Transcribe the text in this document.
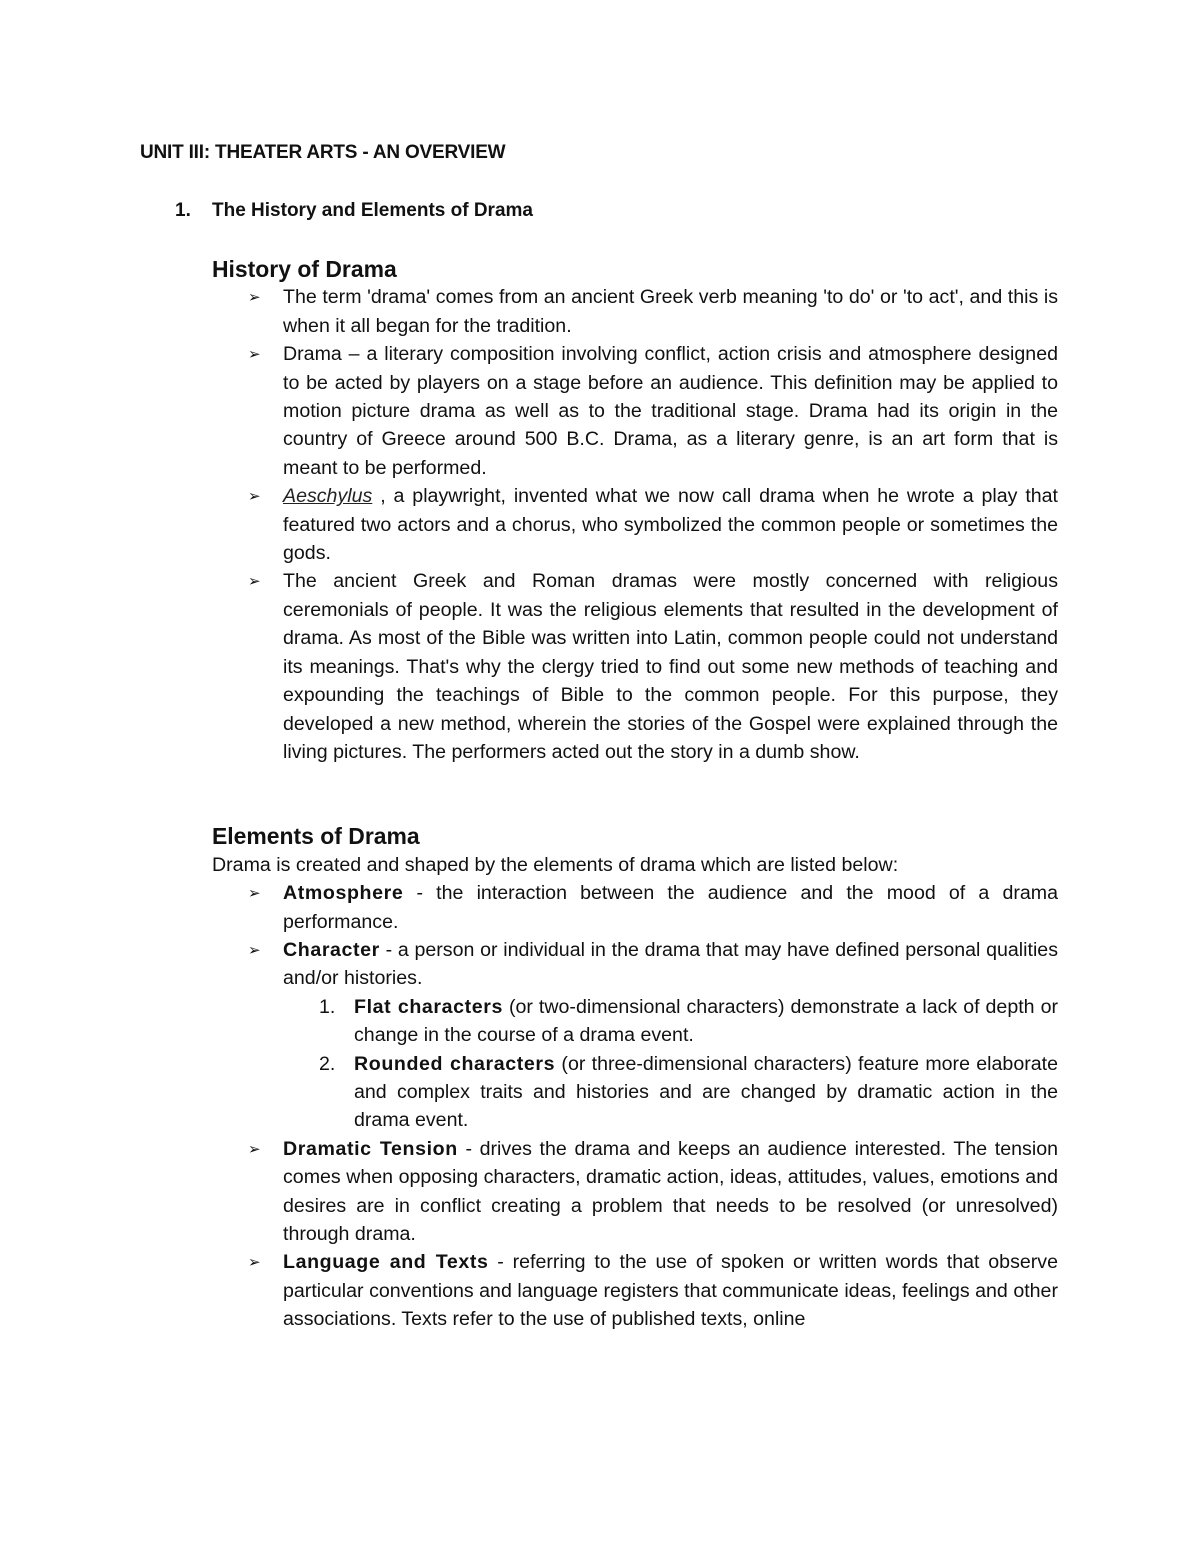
UNIT III: THEATER ARTS - AN OVERVIEW
1.	The History and Elements of Drama
History of Drama
➢ The term 'drama' comes from an ancient Greek verb meaning 'to do' or 'to act', and this is when it all began for the tradition.
➢ Drama – a literary composition involving conflict, action crisis and atmosphere designed to be acted by players on a stage before an audience. This definition may be applied to motion picture drama as well as to the traditional stage. Drama had its origin in the country of Greece around 500 B.C. Drama, as a literary genre, is an art form that is meant to be performed.
➢ Aeschylus , a playwright, invented what we now call drama when he wrote a play that featured two actors and a chorus, who symbolized the common people or sometimes the gods.
➢ The ancient Greek and Roman dramas were mostly concerned with religious ceremonials of people. It was the religious elements that resulted in the development of drama. As most of the Bible was written into Latin, common people could not understand its meanings. That's why the clergy tried to find out some new methods of teaching and expounding the teachings of Bible to the common people. For this purpose, they developed a new method, wherein the stories of the Gospel were explained through the living pictures. The performers acted out the story in a dumb show.
Elements of Drama

Drama is created and shaped by the elements of drama which are listed below:

➢ Atmosphere - the interaction between the audience and the mood of a drama performance.
➢ Character - a person or individual in the drama that may have defined personal qualities and/or histories.
1. Flat characters (or two-dimensional characters) demonstrate a lack of depth or change in the course of a drama event.
2. Rounded characters (or three-dimensional characters) feature more elaborate and complex traits and histories and are changed by dramatic action in the drama event.
➢ Dramatic Tension - drives the drama and keeps an audience interested. The tension comes when opposing characters, dramatic action, ideas, attitudes, values, emotions and desires are in conflict creating a problem that needs to be resolved (or unresolved) through drama.
➢ Language and Texts - referring to the use of spoken or written words that observe particular conventions and language registers that communicate ideas, feelings and other associations. Texts refer to the use of published texts, online
